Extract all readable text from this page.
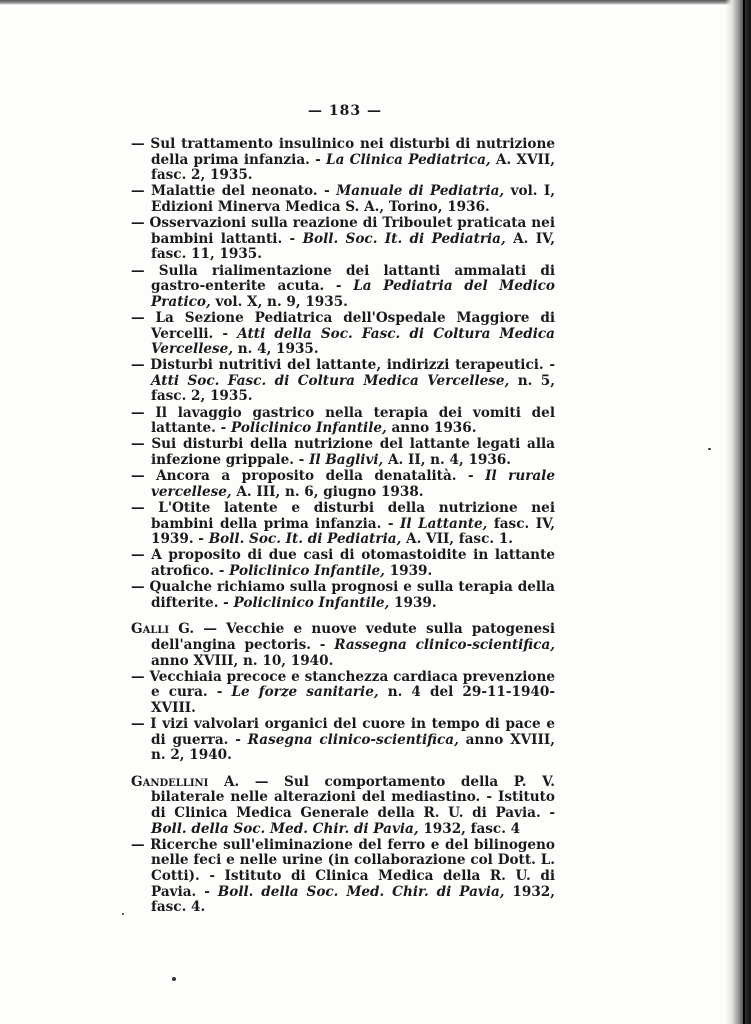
— 183 —

— Sul trattamento insulinico nei disturbi di nutrizione della prima infanzia. - La Clinica Pediatrica, A. XVII, fasc. 2, 1935.

— Malattie del neonato. - Manuale di Pediatria, vol. I, Edizioni Minerva Medica S. A., Torino, 1936.

— Osservazioni sulla reazione di Triboulet praticata nei bambini lattanti. - Boll. Soc. It. di Pediatria, A. IV, fasc. 11, 1935.

— Sulla rialimentazione dei lattanti ammalati di gastro-enterite acuta. - La Pediatria del Medico Pratico, vol. X, n. 9, 1935.

— La Sezione Pediatrica dell'Ospedale Maggiore di Vercelli. - Atti della Soc. Fasc. di Coltura Medica Vercellese, n. 4, 1935.

— Disturbi nutritivi del lattante, indirizzi terapeutici. - Atti Soc. Fasc. di Coltura Medica Vercellese, n. 5, fasc. 2, 1935.

— Il lavaggio gastrico nella terapia dei vomiti del lattante. - Policlinico Infantile, anno 1936.

— Sui disturbi della nutrizione del lattante legati alla infezione grippale. - Il Baglivi, A. II, n. 4, 1936.

— Ancora a proposito della denatalità. - Il rurale vercellese, A. III, n. 6, giugno 1938.

— L'Otite latente e disturbi della nutrizione nei bambini della prima infanzia. - Il Lattante, fasc. IV, 1939. - Boll. Soc. It. di Pediatria, A. VII, fasc. 1.

— A proposito di due casi di otomastoidite in lattante atrofico. - Policlinico Infantile, 1939.

— Qualche richiamo sulla prognosi e sulla terapia della difterite. - Policlinico Infantile, 1939.

Galli G. — Vecchie e nuove vedute sulla patogenesi dell'angina pectoris. - Rassegna clinico-scientifica, anno XVIII, n. 10, 1940.

— Vecchiaia precoce e stanchezza cardiaca prevenzione e cura. - Le forze sanitarie, n. 4 del 29-11-1940-XVIII.

— I vizi valvolari organici del cuore in tempo di pace e di guerra. - Rasegna clinico-scientifica, anno XVIII, n. 2, 1940.

Gandellini A. — Sul comportamento della P. V. bilaterale nelle alterazioni del mediastino. - Istituto di Clinica Medica Generale della R. U. di Pavia. - Boll. della Soc. Med. Chir. di Pavia, 1932, fasc. 4

— Ricerche sull'eliminazione del ferro e del bilinogeno nelle feci e nelle urine (in collaborazione col Dott. L. Cotti). - Istituto di Clinica Medica della R. U. di Pavia. - Boll. della Soc. Med. Chir. di Pavia, 1932, fasc. 4.
